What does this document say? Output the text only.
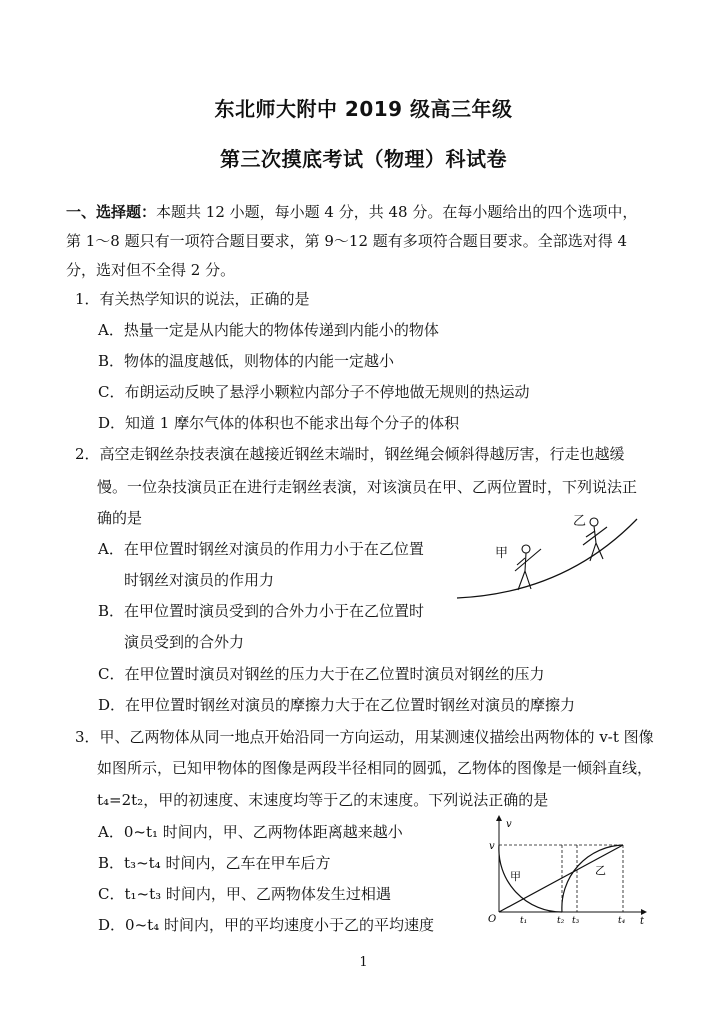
东北师大附中 2019 级高三年级
第三次摸底考试（物理）科试卷
一、选择题：本题共 12 小题，每小题 4 分，共 48 分。在每小题给出的四个选项中，
第 1～8 题只有一项符合题目要求，第 9～12 题有多项符合题目要求。全部选对得 4
分，选对但不全得 2 分。
1．有关热学知识的说法，正确的是
A．热量一定是从内能大的物体传递到内能小的物体
B．物体的温度越低，则物体的内能一定越小
C．布朗运动反映了悬浮小颗粒内部分子不停地做无规则的热运动
D．知道 1 摩尔气体的体积也不能求出每个分子的体积
2．高空走钢丝杂技表演在越接近钢丝末端时，钢丝绳会倾斜得越厉害，行走也越缓
慢。一位杂技演员正在进行走钢丝表演，对该演员在甲、乙两位置时，下列说法正
确的是
A．在甲位置时钢丝对演员的作用力小于在乙位置
时钢丝对演员的作用力
B．在甲位置时演员受到的合外力小于在乙位置时
演员受到的合外力
C．在甲位置时演员对钢丝的压力大于在乙位置时演员对钢丝的压力
D．在甲位置时钢丝对演员的摩擦力大于在乙位置时钢丝对演员的摩擦力
甲
乙
3．甲、乙两物体从同一地点开始沿同一方向运动，用某测速仪描绘出两物体的 v-t 图像
如图所示，已知甲物体的图像是两段半径相同的圆弧，乙物体的图像是一倾斜直线，
t₄=2t₂，甲的初速度、末速度均等于乙的末速度。下列说法正确的是
A．0~t₁ 时间内，甲、乙两物体距离越来越小
B．t₃~t₄ 时间内，乙车在甲车后方
C．t₁~t₃ 时间内，甲、乙两物体发生过相遇
D．0~t₄ 时间内，甲的平均速度小于乙的平均速度
v
t
O
v
甲	乙
t₁	t₂ t₃	t₄
1
